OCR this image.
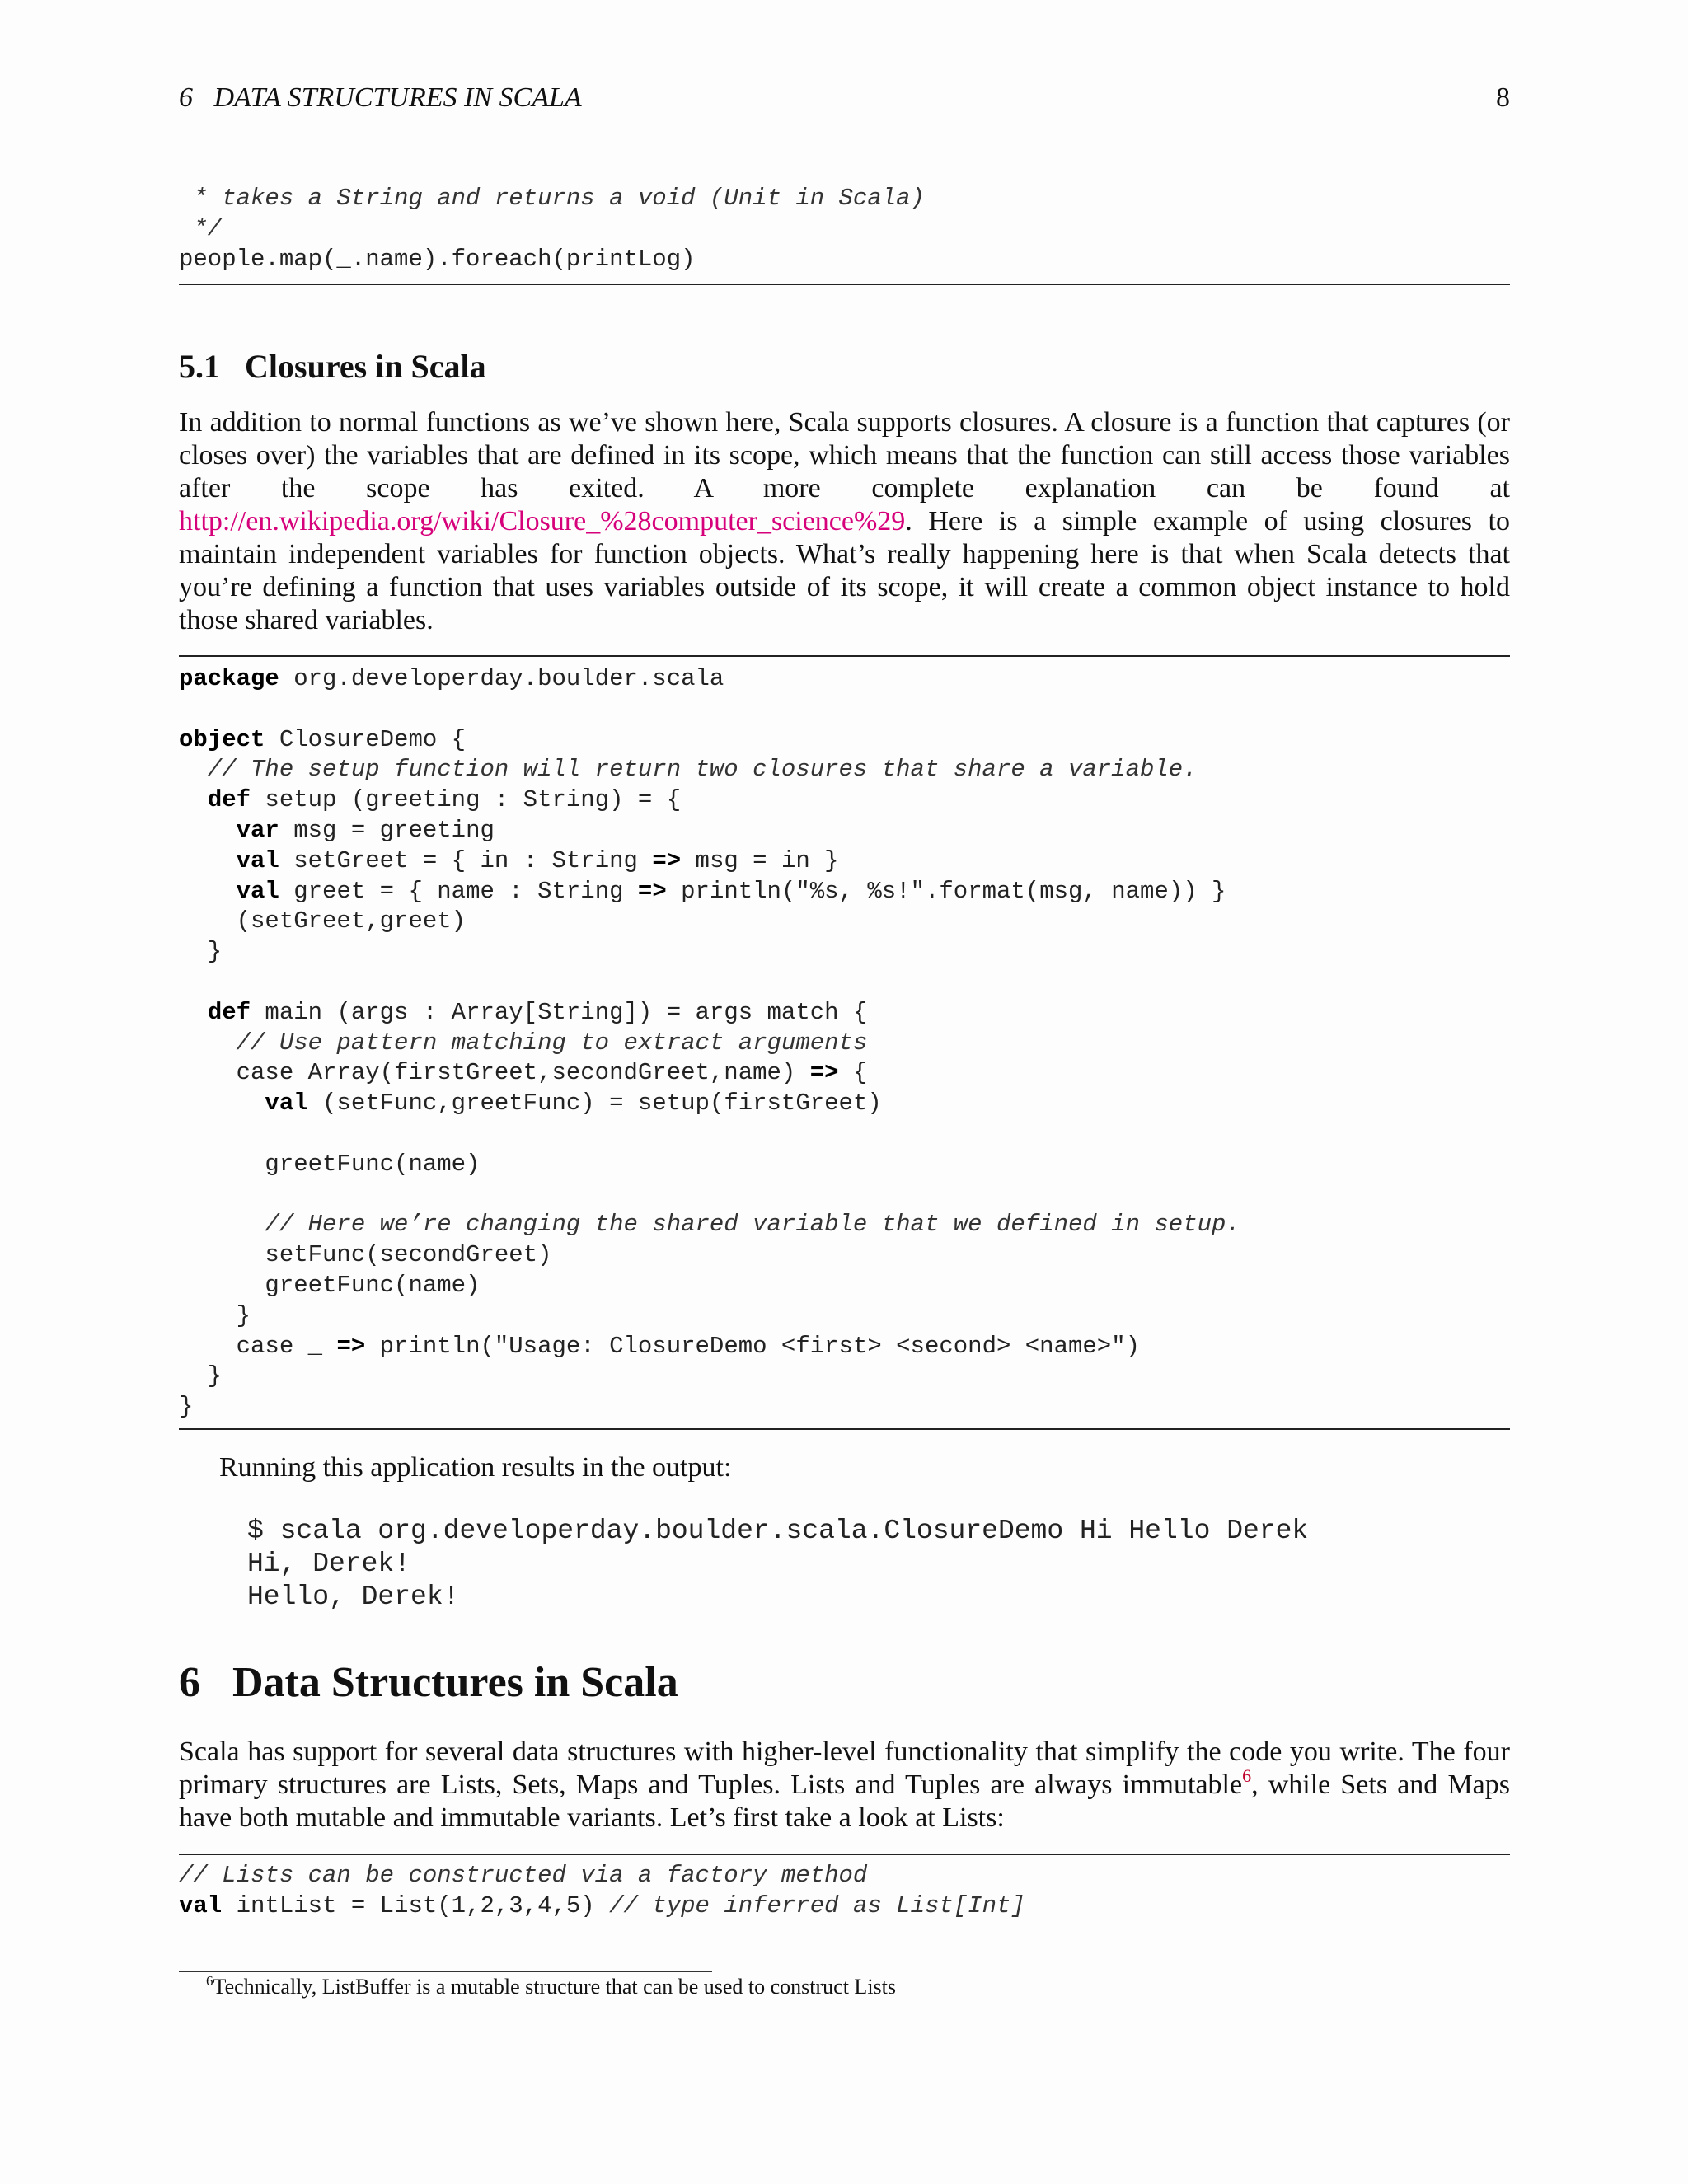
6   DATA STRUCTURES IN SCALA	8
* takes a String and returns a void (Unit in Scala)
*/
people.map(_.name).foreach(printLog)
5.1 Closures in Scala

In addition to normal functions as we’ve shown here, Scala supports closures. A closure is a function that captures (or closes over) the variables that are defined in its scope, which means that the function can still access those variables after the scope has exited. A more complete explanation can be found at http://en.wikipedia.org/wiki/Closure_%28computer_science%29. Here is a simple example of using closures to maintain independent variables for function objects. What’s really happening here is that when Scala detects that you’re defining a function that uses variables outside of its scope, it will create a common object instance to hold those shared variables.

package org.developerday.boulder.scala

object ClosureDemo {
// The setup function will return two closures that share a variable.
def setup (greeting : String) = {
var msg = greeting
val setGreet = { in : String => msg = in }
val greet = { name : String => println("%s, %s!".format(msg, name)) }
(setGreet,greet)
}

def main (args : Array[String]) = args match {
// Use pattern matching to extract arguments
case Array(firstGreet,secondGreet,name) => {
val (setFunc,greetFunc) = setup(firstGreet)

greetFunc(name)

// Here we’re changing the shared variable that we defined in setup.
setFunc(secondGreet)
greetFunc(name)
}
case _ => println("Usage: ClosureDemo <first> <second> <name>")
}
}
Running this application results in the output:
$ scala org.developerday.boulder.scala.ClosureDemo Hi Hello Derek
Hi, Derek!
Hello, Derek!
6 Data Structures in Scala

Scala has support for several data structures with higher-level functionality that simplify the code you write. The four primary structures are Lists, Sets, Maps and Tuples. Lists and Tuples are always immutable$^6$, while Sets and Maps have both mutable and immutable variants. Let’s first take a look at Lists:

// Lists can be constructed via a factory method
val intList = List(1,2,3,4,5) // type inferred as List[Int]
$^6$Technically, ListBuffer is a mutable structure that can be used to construct Lists
